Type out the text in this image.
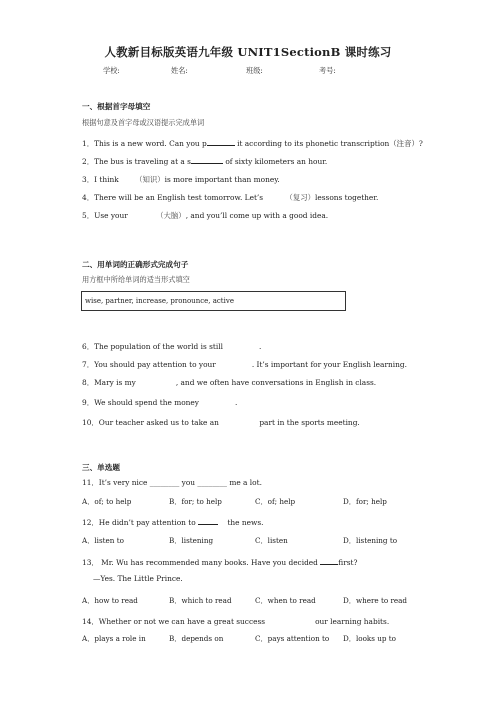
人教新目标版英语九年级 UNIT1SectionB 课时练习
学校:	姓名:	班级:	考号:
一、根据首字母填空
根据句意及首字母或汉语提示完成单词
1．This is a new word. Can you p	it according to its phonetic transcription（注音）?
2．The bus is traveling at a s	of sixty kilometers an hour.
3．I think （知识）is more important than money.
4．There will be an English test tomorrow. Let’s	（复习）lessons together.
5．Use your	（大脑）, and you’ll come up with a good idea.
二、用单词的正确形式完成句子
用方框中所给单词的适当形式填空
wise, partner, increase, pronounce, active
6．The population of the world is still	.
7．You should pay attention to your	. It’s important for your English learning.
8．Mary is my	, and we often have conversations in English in class.
9．We should spend the money	.
10．Our teacher asked us to take an	part in the sports meeting.
三、单选题
11．It’s very nice ________ you ________ me a lot.
A．of; to help	B．for; to help	C．of; help	D．for; help
12．He didn’t pay attention to	the news.
A．listen to	B．listening	C．listen	D．listening to
13． Mr. Wu has recommended many books. Have you decided	first?
—Yes. The Little Prince.
A．how to read	B．which to read	C．when to read	D．where to read
14．Whether or not we can have a great success	our learning habits.
A．plays a role in	B．depends on	C．pays attention to D．looks up to
